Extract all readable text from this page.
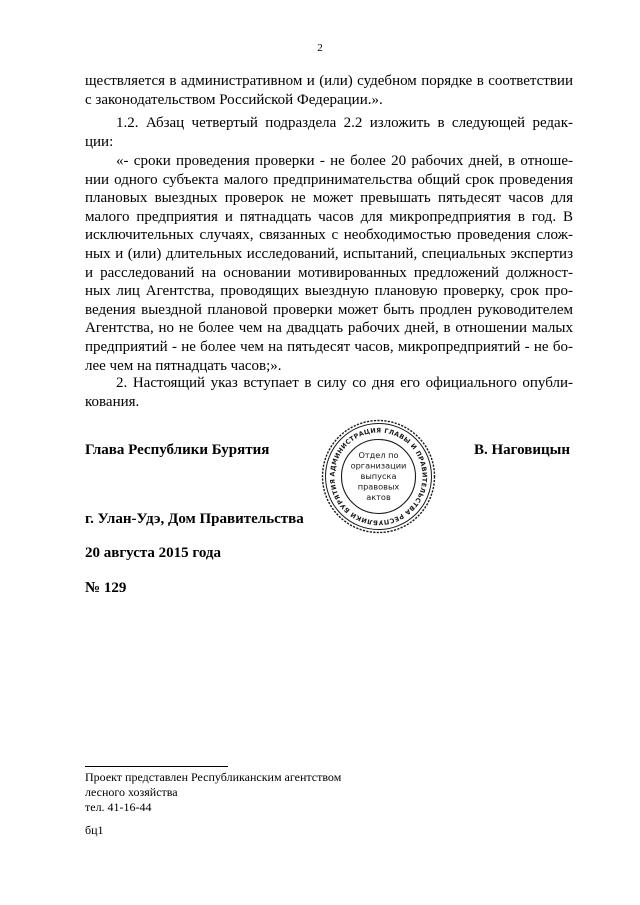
2
ществляется в административном и (или) судебном порядке в соответствии
с законодательством Российской Федерации.».
1.2. Абзац четвертый подраздела 2.2 изложить в следующей редак-
ции:
«- сроки проведения проверки - не более 20 рабочих дней, в отноше-
нии одного субъекта малого предпринимательства общий срок проведения
плановых выездных проверок не может превышать пятьдесят часов для
малого предприятия и пятнадцать часов для микропредприятия в год. В
исключительных случаях, связанных с необходимостью проведения слож-
ных и (или) длительных исследований, испытаний, специальных экспертиз
и расследований на основании мотивированных предложений должност-
ных лиц Агентства, проводящих выездную плановую проверку, срок про-
ведения выездной плановой проверки может быть продлен руководителем
Агентства, но не более чем на двадцать рабочих дней, в отношении малых
предприятий - не более чем на пятьдесят часов, микропредприятий - не бо-
лее чем на пятнадцать часов;».
2. Настоящий указ вступает в силу со дня его официального опубли-
кования.
Глава Республики Бурятия	В. Наговицын
АДМИНИСТРАЦИЯ ГЛАВЫ И ПРАВИТЕЛЬСТВА РЕСПУБЛИКИ БУРЯТИЯ
Отдел по
организации
выпуска
правовых
актов
г. Улан-Удэ, Дом Правительства
20 августа 2015 года
№ 129
Проект представлен Республиканским агентством
лесного хозяйства
тел. 41-16-44
бц1
